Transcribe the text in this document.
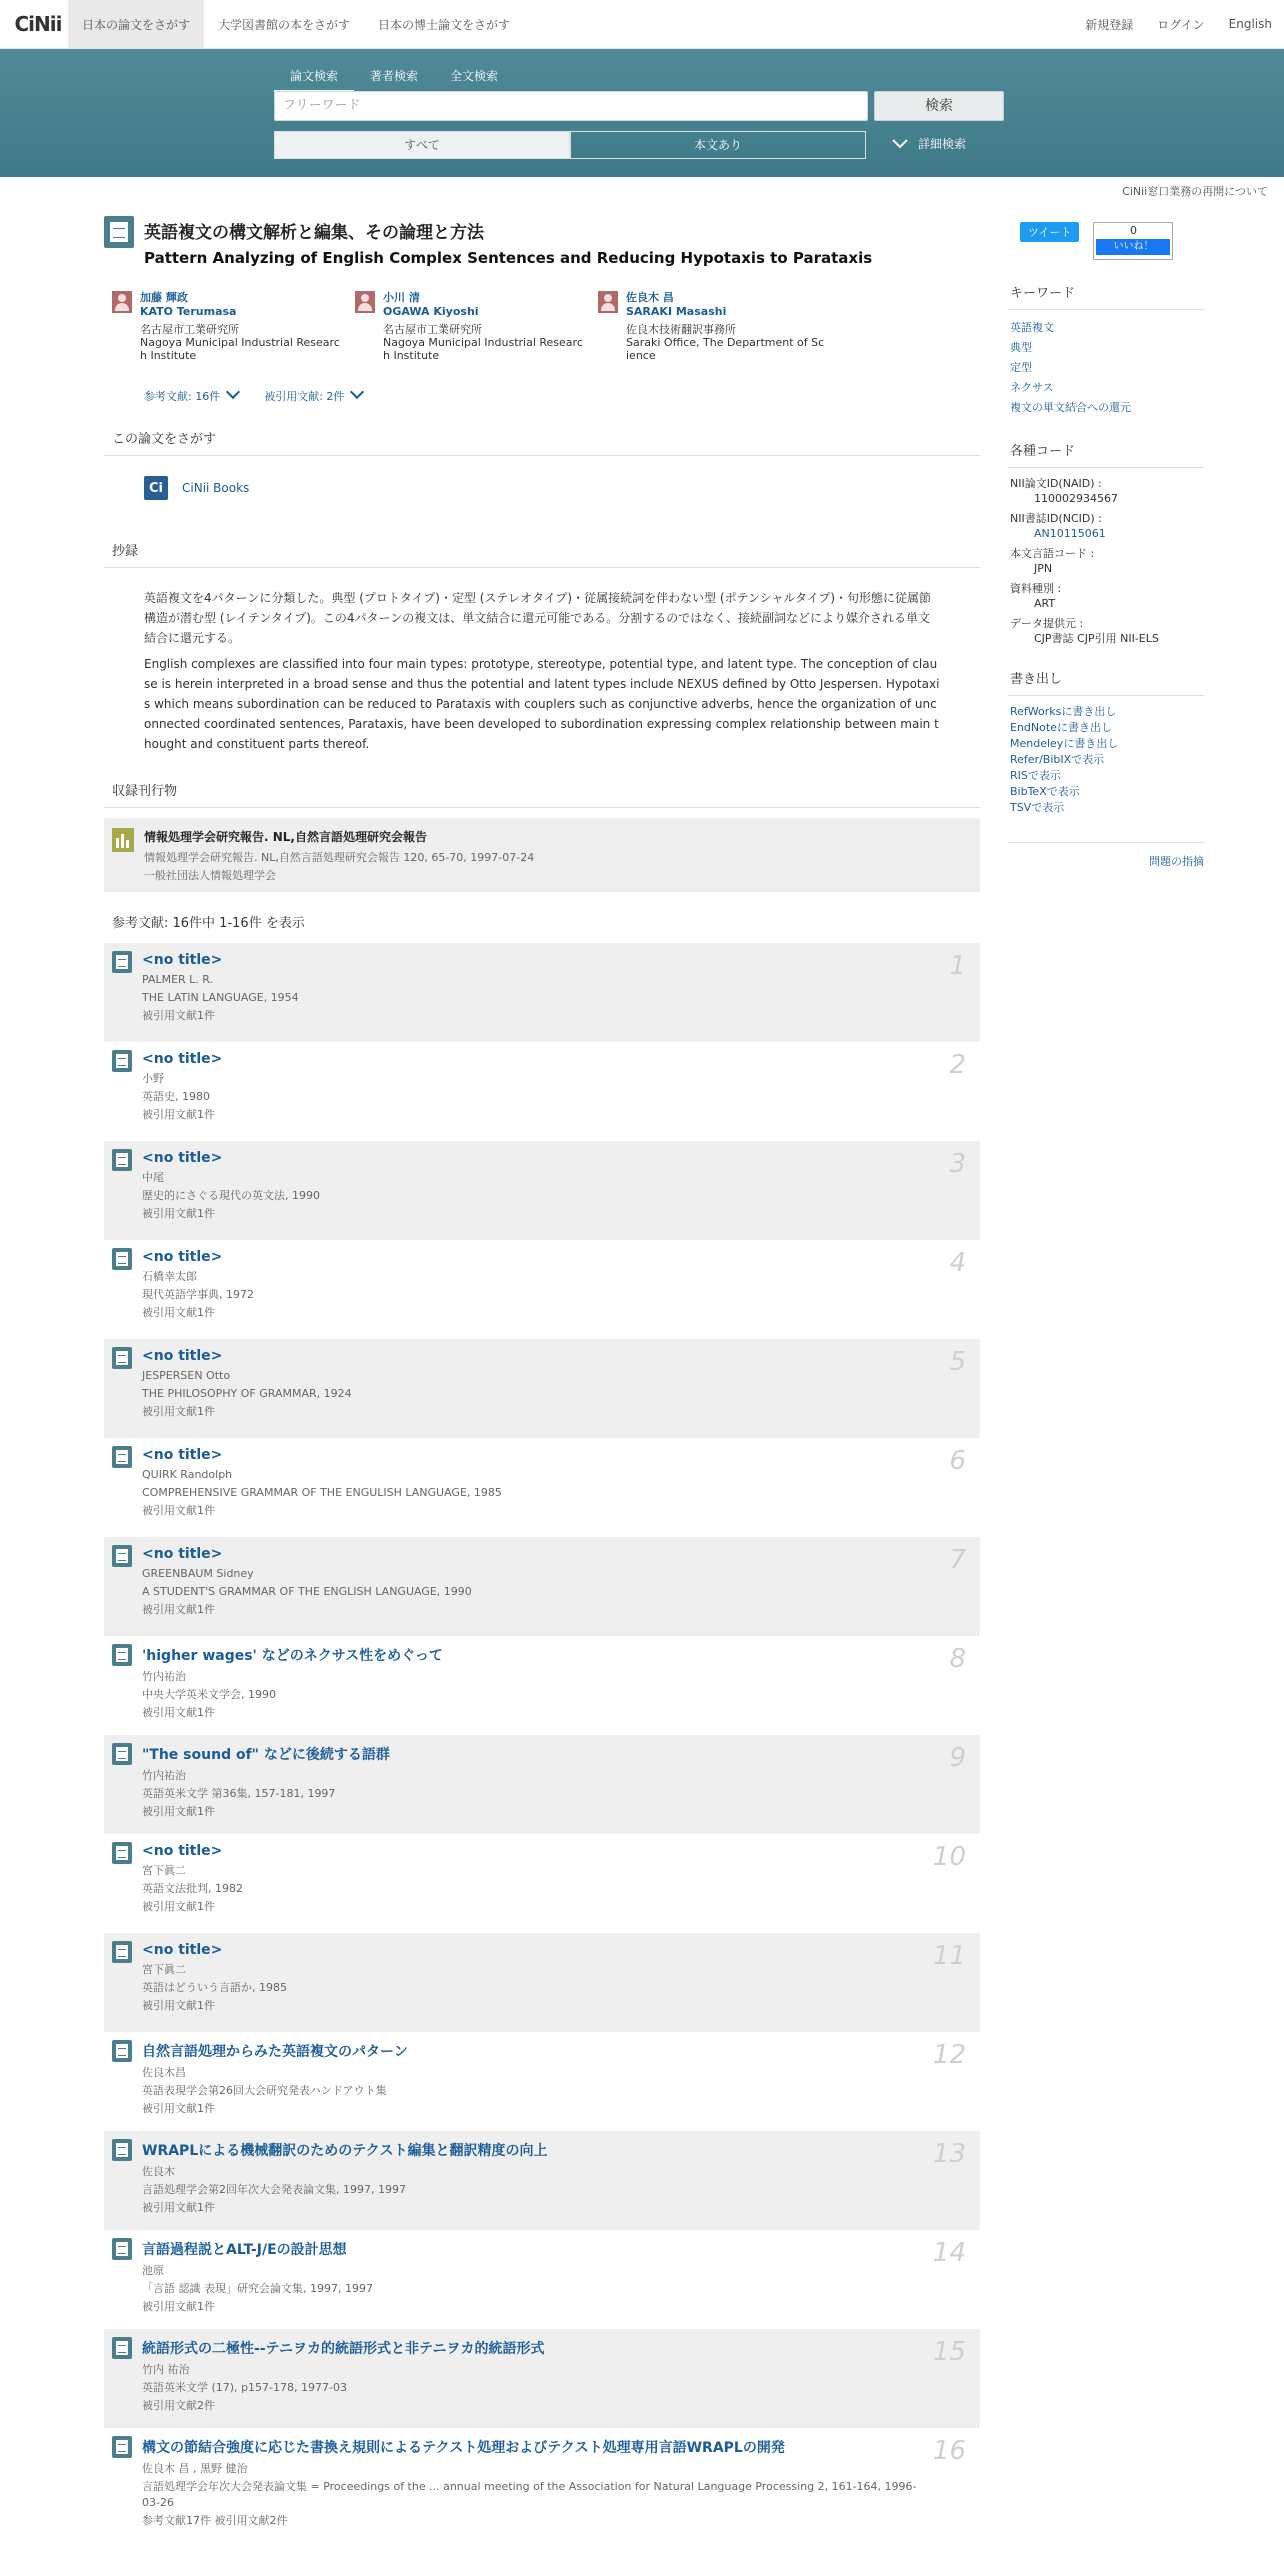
CiNii	日本の論文をさがす	大学図書館の本をさがす	日本の博士論文をさがす	新規登録	ログイン	English
論文検索	著者検索	全文検索
フリーワード	検索
すべて	本文あり	詳細検索
CiNii窓口業務の再開について
英語複文の構文解析と編集、その論理と方法
Pattern Analyzing of English Complex Sentences and Reducing Hypotaxis to Parataxis
加藤 輝政
KATO Terumasa
名古屋市工業研究所
Nagoya Municipal Industrial Research Institute
小川 清
OGAWA Kiyoshi
名古屋市工業研究所
Nagoya Municipal Industrial Research Institute
佐良木 昌
SARAKI Masashi
佐良木技術翻訳事務所
Saraki Office, The Department of Science
参考文献: 16件	被引用文献: 2件
この論文をさがす
Ci	CiNii Books
抄録

英語複文を4パターンに分類した。典型 (プロトタイプ)・定型 (ステレオタイプ)・従属接続詞を伴わない型 (ポテンシャルタイプ)・句形態に従属節構造が潜む型 (レイテンタイプ)。この4パターンの複文は、単文結合に還元可能である。分割するのではなく、接続副詞などにより媒介される単文結合に還元する。

English complexes are classified into four main types: prototype, stereotype, potential type, and latent type. The conception of clause is herein interpreted in a broad sense and thus the potential and latent types include NEXUS defined by Otto Jespersen. Hypotaxis which means subordination can be reduced to Parataxis with couplers such as conjunctive adverbs, hence the organization of unconnected coordinated sentences, Parataxis, have been developed to subordination expressing complex relationship between main thought and constituent parts thereof.

収録刊行物
情報処理学会研究報告. NL,自然言語処理研究会報告
情報処理学会研究報告. NL,自然言語処理研究会報告 120, 65-70, 1997-07-24
一般社団法人情報処理学会
参考文献: 16件中 1-16件 を表示
<no title>
PALMER L. R.
THE LATIN LANGUAGE, 1954
被引用文献1件
1
<no title>
小野
英語史, 1980
被引用文献1件
2
<no title>
中尾
歴史的にさぐる現代の英文法, 1990
被引用文献1件
3
<no title>
石橋幸太郎
現代英語学事典, 1972
被引用文献1件
4
<no title>
JESPERSEN Otto
THE PHILOSOPHY OF GRAMMAR, 1924
被引用文献1件
5
<no title>
QUIRK Randolph
COMPREHENSIVE GRAMMAR OF THE ENGULISH LANGUAGE, 1985
被引用文献1件
6
<no title>
GREENBAUM Sidney
A STUDENT'S GRAMMAR OF THE ENGLISH LANGUAGE, 1990
被引用文献1件
7
'higher wages' などのネクサス性をめぐって
竹内祐治
中央大学英米文学会, 1990
被引用文献1件
8
"The sound of" などに後続する語群
竹内祐治
英語英米文学 第36集, 157-181, 1997
被引用文献1件
9
<no title>
宮下眞二
英語文法批判, 1982
被引用文献1件
10
<no title>
宮下眞二
英語はどういう言語か, 1985
被引用文献1件
11
自然言語処理からみた英語複文のパターン
佐良木昌
英語表現学会第26回大会研究発表ハンドアウト集
被引用文献1件
12
WRAPLによる機械翻訳のためのテクスト編集と翻訳精度の向上
佐良木
言語処理学会第2回年次大会発表論文集, 1997, 1997
被引用文献1件
13
言語過程説とALT-J/Eの設計思想
池原
「言語 認識 表現」研究会論文集, 1997, 1997
被引用文献1件
14
統語形式の二極性--テニヲカ的統語形式と非テニヲカ的統語形式
竹内 祐治
英語英米文学 (17), p157-178, 1977-03
被引用文献2件
15
構文の節結合強度に応じた書換え規則によるテクスト処理およびテクスト処理専用言語WRAPLの開発
佐良木 昌 , 黒野 健治
言語処理学会年次大会発表論文集 = Proceedings of the ... annual meeting of the Association for Natural Language Processing 2, 161-164, 1996-03-26
参考文献17件 被引用文献2件
16
ツイート	0
いいね！
キーワード
英語複文
典型
定型
ネクサス
複文の単文結合への還元
各種コード
NII論文ID(NAID) :
110002934567
NII書誌ID(NCID) :
AN10115061
本文言語コード :
JPN
資料種別 :
ART
データ提供元 :
CJP書誌 CJP引用 NII-ELS
書き出し
RefWorksに書き出し
EndNoteに書き出し
Mendeleyに書き出し
Refer/BibIXで表示
RISで表示
BibTeXで表示
TSVで表示
問題の指摘
